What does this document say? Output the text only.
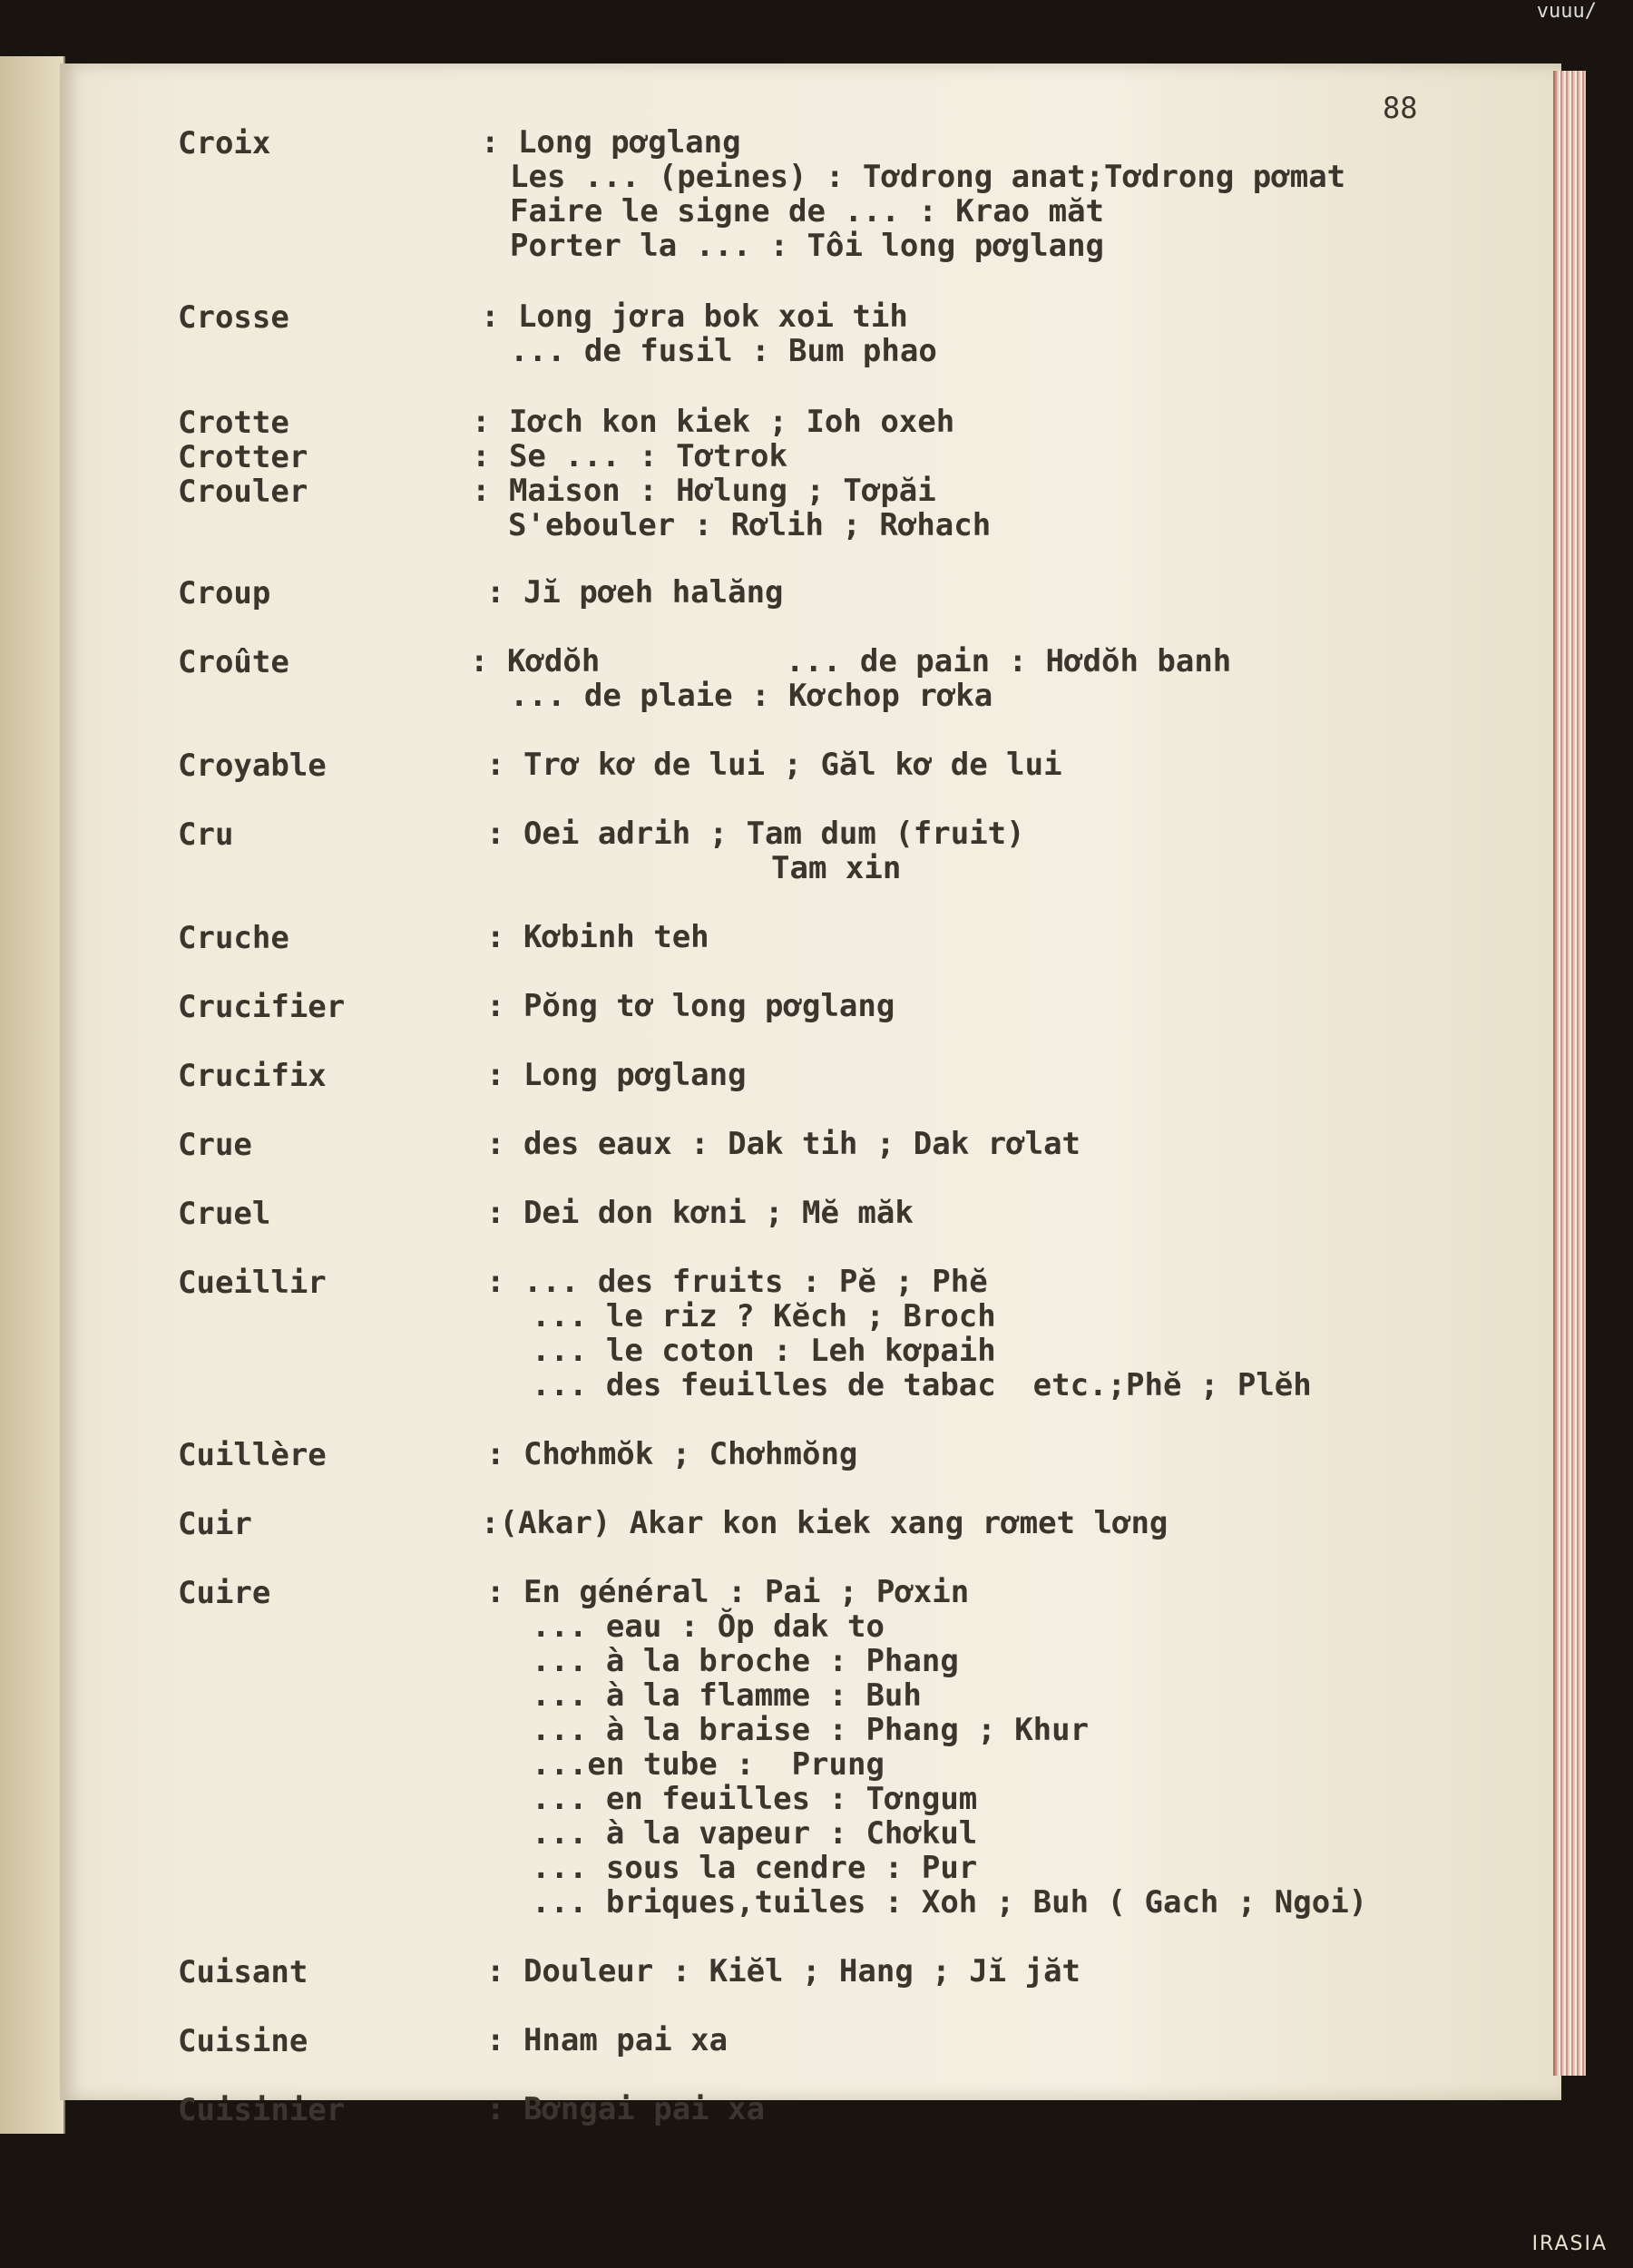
vuuu/
88
Croix	: Long pơglang
Les ... (peines) : Tơdrong anat;Tơdrong pơmat
Faire le signe de ... : Krao măt
Porter la ... : Tôi long pơglang
Crosse	: Long jơra bok xoi tih
... de fusil : Bum phao
Crotte	: Iơch kon kiek ; Ioh oxeh
Crotter	: Se ... : Tơtrok
Crouler	: Maison : Hơlung ; Tơpăi
S'ebouler : Rơlih ; Rơhach
Croup	: Jĭ pơeh halăng
Croûte	: Kơdŏh          ... de pain : Hơdŏh banh
... de plaie : Kơchop rơka
Croyable	: Trơ kơ de lui ; Găl kơ de lui
Cru	: Oei adrih ; Tam dum (fruit)
Tam xin
Cruche	: Kơbinh teh
Crucifier	: Pŏng tơ long pơglang
Crucifix	: Long pơglang
Crue	: des eaux : Dak tih ; Dak rơlat
Cruel	: Dei don kơni ; Mĕ măk
Cueillir	: ... des fruits : Pĕ ; Phĕ
... le riz ? Kĕch ; Broch
... le coton : Leh kơpaih
... des feuilles de tabac  etc.;Phĕ ; Plĕh
Cuillère	: Chơhmŏk ; Chơhmŏng
Cuir	:(Akar) Akar kon kiek xang rơmet lơng
Cuire	: En général : Pai ; Pơxin
... eau : Ŏp dak to
... à la broche : Phang
... à la flamme : Buh
... à la braise : Phang ; Khur
...en tube :  Prung
... en feuilles : Tơngum
... à la vapeur : Chơkul
... sous la cendre : Pur
... briques,tuiles : Xoh ; Buh ( Gach ; Ngoi)
Cuisant	: Douleur : Kiĕl ; Hang ; Jĭ jăt
Cuisine	: Hnam pai xa
Cuisinier	: Bơngai pai xa
IRASIA
